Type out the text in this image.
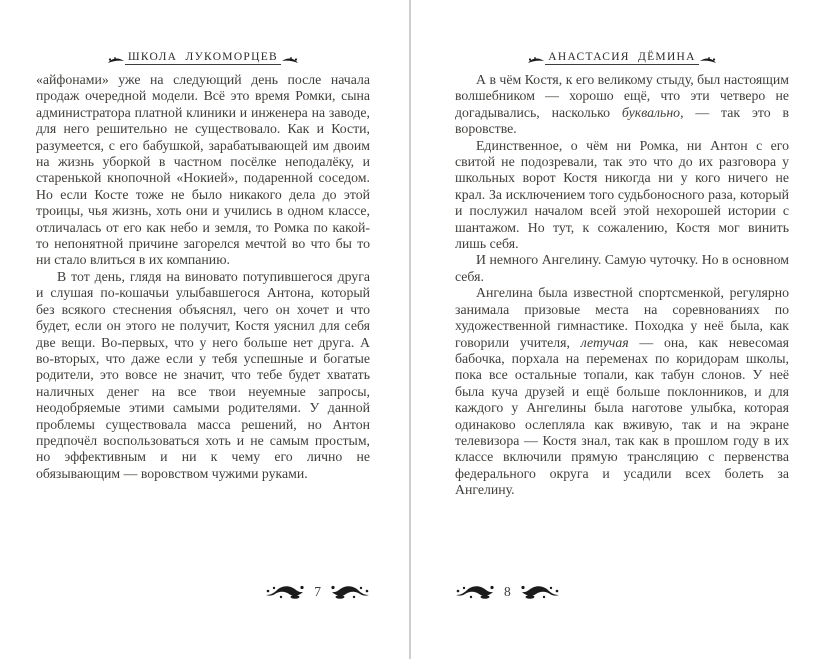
ШКОЛА ЛУКОМОРЦЕВ

«айфонами» уже на следующий день после начала продаж очередной модели. Всё это время Ромки, сына администратора платной клиники и инженера на заводе, для него решительно не существовало. Как и Кости, разумеется, с его бабушкой, зарабатывающей им двоим на жизнь уборкой в частном посёлке неподалёку, и старенькой кнопочной «Нокией», подаренной соседом. Но если Косте тоже не было никакого дела до этой троицы, чья жизнь, хоть они и учились в одном классе, отличалась от его как небо и земля, то Ромка по какой-то непонятной причине загорелся мечтой во что бы то ни стало влиться в их компанию.

В тот день, глядя на виновато потупившегося друга и слушая по-кошачьи улыбавшегося Антона, который без всякого стеснения объяснял, чего он хочет и что будет, если он этого не получит, Костя уяснил для себя две вещи. Во-первых, что у него больше нет друга. А во-вторых, что даже если у тебя успешные и богатые родители, это вовсе не значит, что тебе будет хватать наличных денег на все твои неуемные запросы, неодобряемые этими самыми родителями. У данной проблемы существовала масса решений, но Антон предпочёл воспользоваться хоть и не самым простым, но эффективным и ни к чему его лично не обязывающим — воровством чужими руками.

7
АНАСТАСИЯ ДЁМИНА

А в чём Костя, к его великому стыду, был настоящим волшебником — хорошо ещё, что эти четверо не догадывались, насколько буквально, — так это в воровстве.

Единственное, о чём ни Ромка, ни Антон с его свитой не подозревали, так это что до их разговора у школьных ворот Костя никогда ни у кого ничего не крал. За исключением того судьбоносного раза, который и послужил началом всей этой нехорошей истории с шантажом. Но тут, к сожалению, Костя мог винить лишь себя.

И немного Ангелину. Самую чуточку. Но в основном себя.

Ангелина была известной спортсменкой, регулярно занимала призовые места на соревнованиях по художественной гимнастике. Походка у неё была, как говорили учителя, летучая — она, как невесомая бабочка, порхала на переменах по коридорам школы, пока все остальные топали, как табун слонов. У неё была куча друзей и ещё больше поклонников, и для каждого у Ангелины была наготове улыбка, которая одинаково ослепляла как вживую, так и на экране телевизора — Костя знал, так как в прошлом году в их классе включили прямую трансляцию с первенства федерального округа и усадили всех болеть за Ангелину.

8
